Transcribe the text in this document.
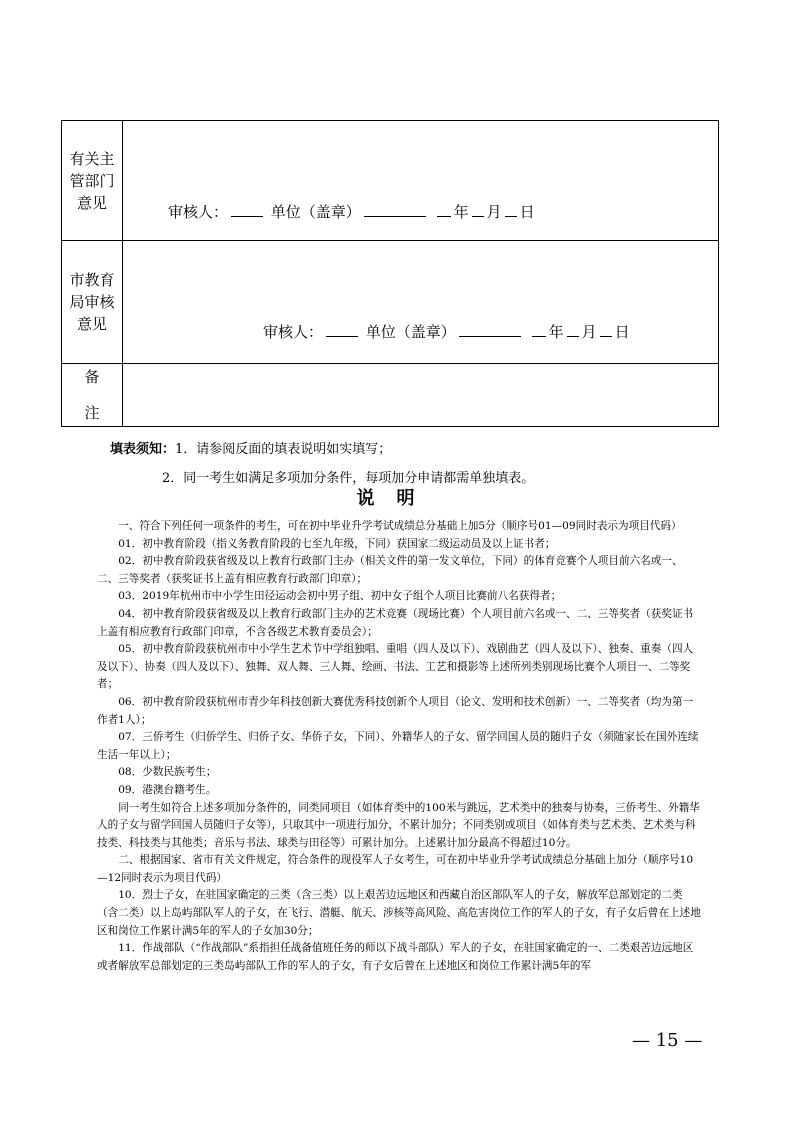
有关主
管部门
意见	审核人： 单位（盖章） 年 月 日

市教育
局审核
意见	审核人： 单位（盖章） 年 月 日

备
注	

填表须知：1．请参阅反面的填表说明如实填写；
2．同一考生如满足多项加分条件，每项加分申请都需单独填表。
说明

一、符合下列任何一项条件的考生，可在初中毕业升学考试成绩总分基础上加5分（顺序号01—09同时表示为项目代码）

01．初中教育阶段（指义务教育阶段的七至九年级，下同）获国家二级运动员及以上证书者；

02．初中教育阶段获省级及以上教育行政部门主办（相关文件的第一发文单位，下同）的体育竞赛个人项目前六名或一、二、三等奖者（获奖证书上盖有相应教育行政部门印章）；

03．2019年杭州市中小学生田径运动会初中男子组、初中女子组个人项目比赛前八名获得者；

04．初中教育阶段获省级及以上教育行政部门主办的艺术竞赛（现场比赛）个人项目前六名或一、二、三等奖者（获奖证书上盖有相应教育行政部门印章，不含各级艺术教育委员会）；

05．初中教育阶段获杭州市中小学生艺术节中学组独唱、重唱（四人及以下）、戏剧曲艺（四人及以下）、独奏、重奏（四人及以下）、协奏（四人及以下）、独舞、双人舞、三人舞、绘画、书法、工艺和摄影等上述所列类别现场比赛个人项目一、二等奖者；

06．初中教育阶段获杭州市青少年科技创新大赛优秀科技创新个人项目（论文、发明和技术创新）一、二等奖者（均为第一作者1人）；

07．三侨考生（归侨学生、归侨子女、华侨子女，下同）、外籍华人的子女、留学回国人员的随归子女（须随家长在国外连续生活一年以上）；

08．少数民族考生；

09．港澳台籍考生。

同一考生如符合上述多项加分条件的，同类同项目（如体育类中的100米与跳远，艺术类中的独奏与协奏，三侨考生、外籍华人的子女与留学回国人员随归子女等），只取其中一项进行加分，不累计加分；不同类别或项目（如体育类与艺术类、艺术类与科技类、科技类与其他类；音乐与书法、球类与田径等）可累计加分。上述累计加分最高不得超过10分。

二、根据国家、省市有关文件规定，符合条件的现役军人子女考生，可在初中毕业升学考试成绩总分基础上加分（顺序号10—12同时表示为项目代码）

10．烈士子女，在驻国家确定的三类（含三类）以上艰苦边远地区和西藏自治区部队军人的子女，解放军总部划定的二类（含二类）以上岛屿部队军人的子女，在飞行、潜艇、航天、涉核等高风险、高危害岗位工作的军人的子女，有子女后曾在上述地区和岗位工作累计满5年的军人的子女加30分；

11．作战部队（“作战部队”系指担任战备值班任务的师以下战斗部队）军人的子女，在驻国家确定的一、二类艰苦边远地区或者解放军总部划定的三类岛屿部队工作的军人的子女，有子女后曾在上述地区和岗位工作累计满5年的军

— 15 —
